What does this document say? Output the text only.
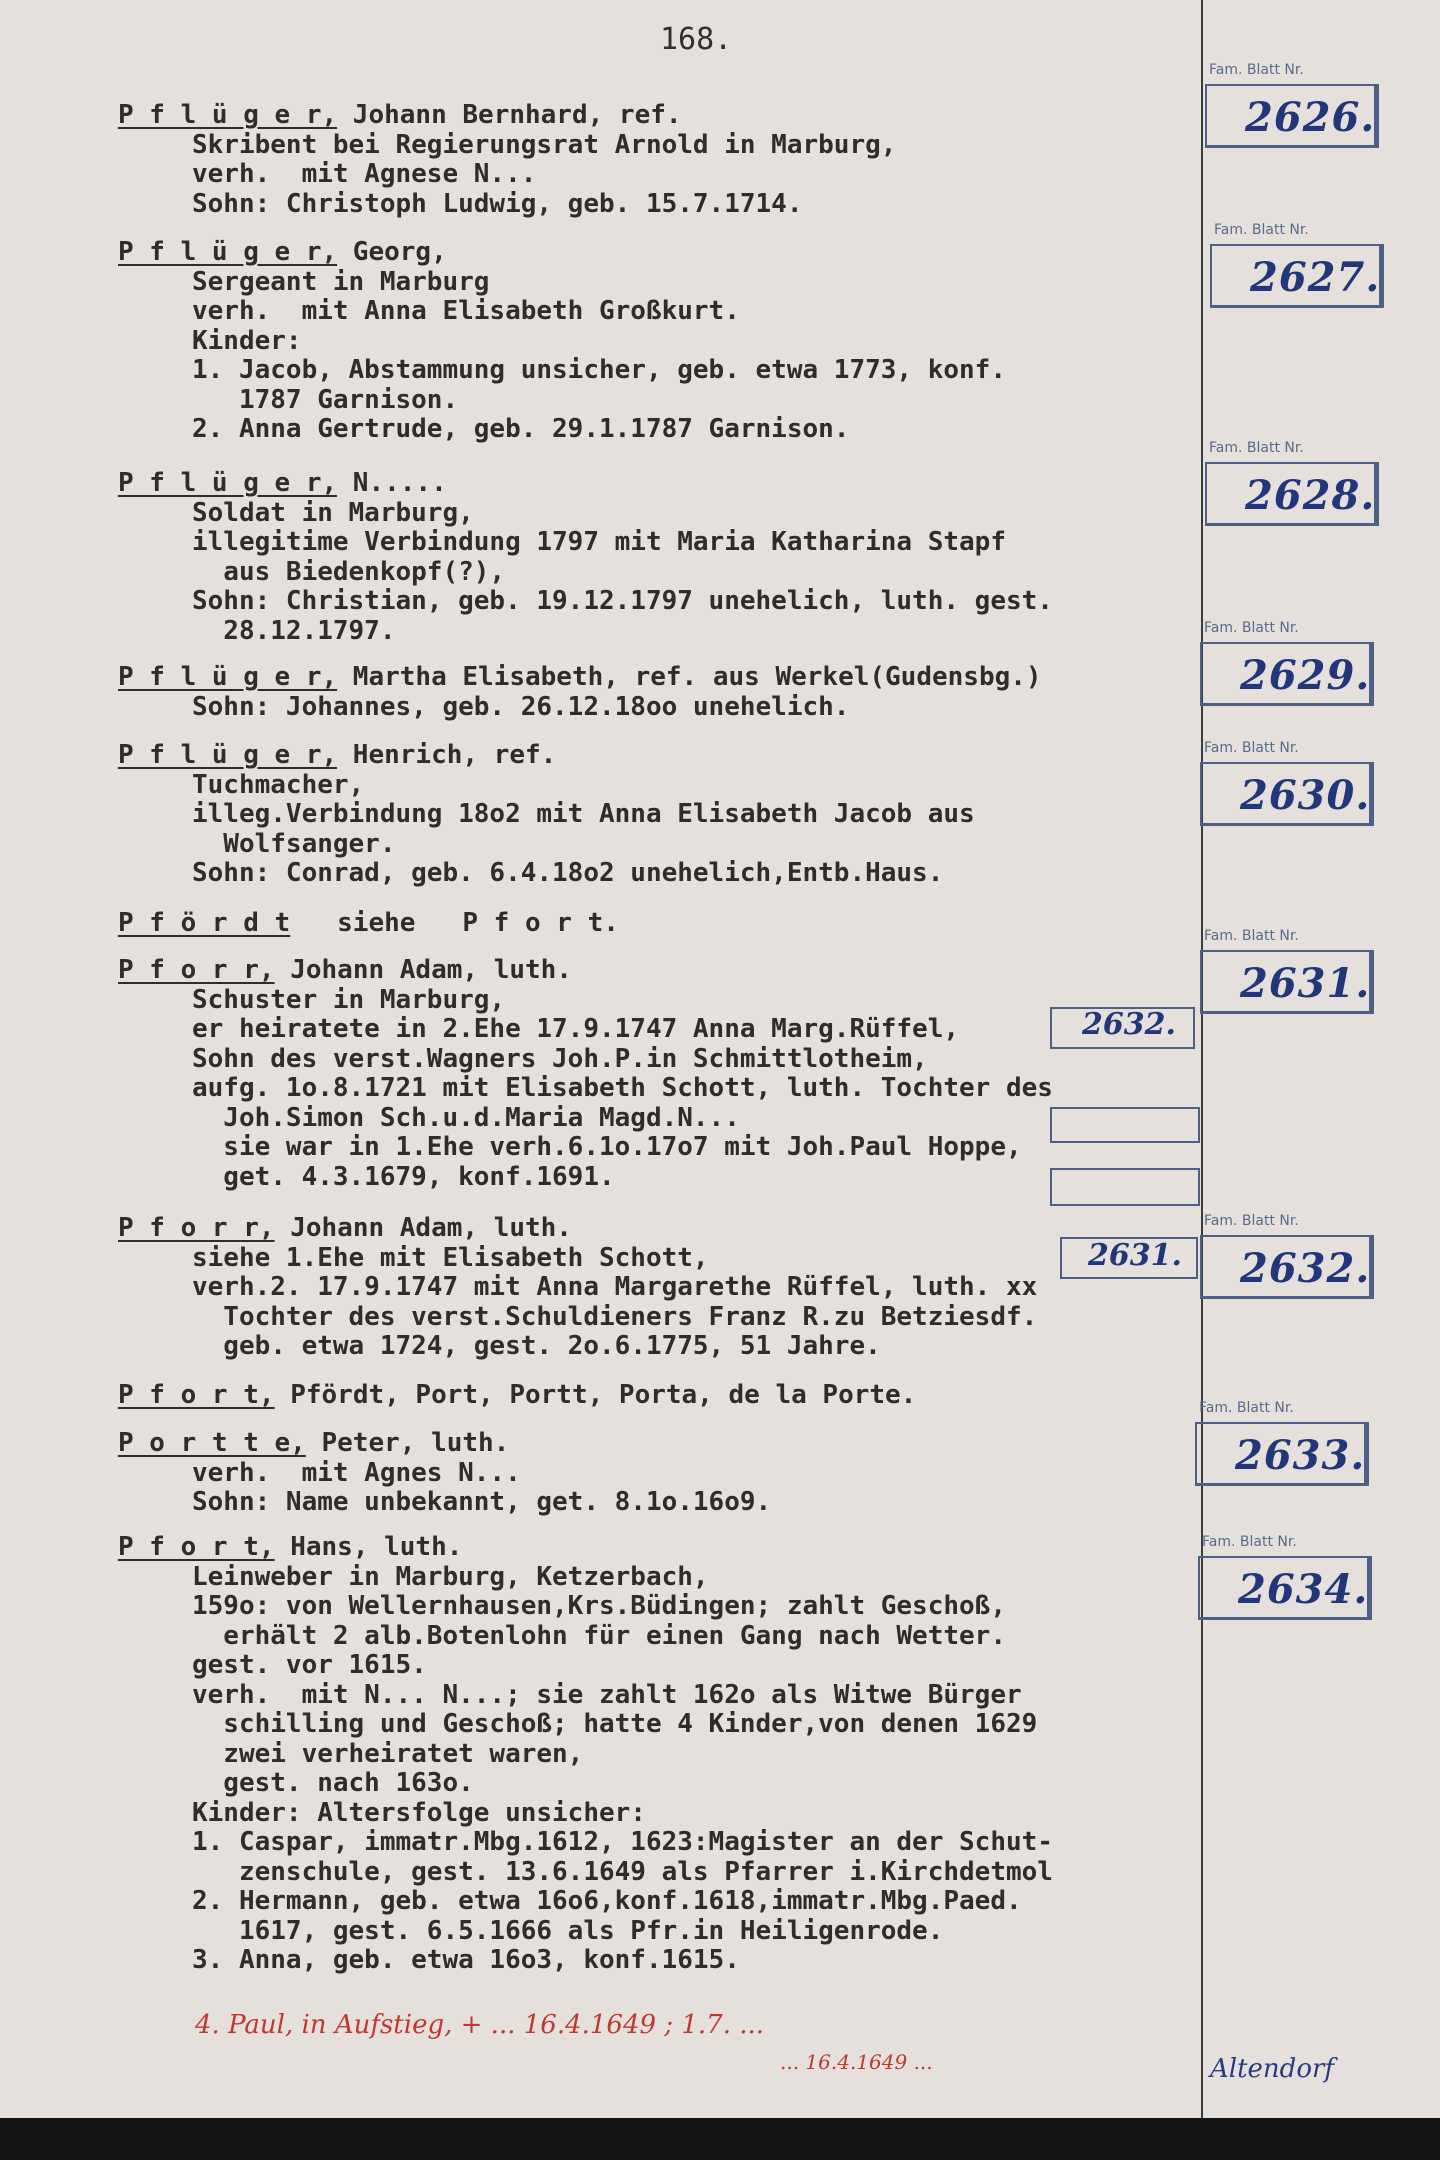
168.
P f l ü g e r, Johann Bernhard, ref.
Skribent bei Regierungsrat Arnold in Marburg,
verh.  mit Agnese N...
Sohn: Christoph Ludwig, geb. 15.7.1714.
P f l ü g e r, Georg,
Sergeant in Marburg
verh.  mit Anna Elisabeth Großkurt.
Kinder:
1. Jacob, Abstammung unsicher, geb. etwa 1773, konf.
1787 Garnison.
2. Anna Gertrude, geb. 29.1.1787 Garnison.
P f l ü g e r, N.....
Soldat in Marburg,
illegitime Verbindung 1797 mit Maria Katharina Stapf
aus Biedenkopf(?),
Sohn: Christian, geb. 19.12.1797 unehelich, luth. gest.
28.12.1797.
P f l ü g e r, Martha Elisabeth, ref. aus Werkel(Gudensbg.)
Sohn: Johannes, geb. 26.12.18oo unehelich.
P f l ü g e r, Henrich, ref.
Tuchmacher,
illeg.Verbindung 18o2 mit Anna Elisabeth Jacob aus
Wolfsanger.
Sohn: Conrad, geb. 6.4.18o2 unehelich,Entb.Haus.
P f ö r d t   siehe   P f o r t.
P f o r r, Johann Adam, luth.
Schuster in Marburg,
er heiratete in 2.Ehe 17.9.1747 Anna Marg.Rüffel,
Sohn des verst.Wagners Joh.P.in Schmittlotheim,
aufg. 1o.8.1721 mit Elisabeth Schott, luth. Tochter des
Joh.Simon Sch.u.d.Maria Magd.N...
sie war in 1.Ehe verh.6.1o.17o7 mit Joh.Paul Hoppe,
get. 4.3.1679, konf.1691.
P f o r r, Johann Adam, luth.
siehe 1.Ehe mit Elisabeth Schott,
verh.2. 17.9.1747 mit Anna Margarethe Rüffel, luth. xx
Tochter des verst.Schuldieners Franz R.zu Betziesdf.
geb. etwa 1724, gest. 2o.6.1775, 51 Jahre.
P f o r t, Pfördt, Port, Portt, Porta, de la Porte.
P o r t t e, Peter, luth.
verh.  mit Agnes N...
Sohn: Name unbekannt, get. 8.1o.16o9.
P f o r t, Hans, luth.
Leinweber in Marburg, Ketzerbach,
159o: von Wellernhausen,Krs.Büdingen; zahlt Geschoß,
erhält 2 alb.Botenlohn für einen Gang nach Wetter.
gest. vor 1615.
verh.  mit N... N...; sie zahlt 162o als Witwe Bürger
schilling und Geschoß; hatte 4 Kinder,von denen 1629
zwei verheiratet waren,
gest. nach 163o.
Kinder: Altersfolge unsicher:
1. Caspar, immatr.Mbg.1612, 1623:Magister an der Schut-
zenschule, gest. 13.6.1649 als Pfarrer i.Kirchdetmol
2. Hermann, geb. etwa 16o6,konf.1618,immatr.Mbg.Paed.
1617, gest. 6.5.1666 als Pfr.in Heiligenrode.
3. Anna, geb. etwa 16o3, konf.1615.
Fam. Blatt Nr.
2626.
Fam. Blatt Nr.
2627.
Fam. Blatt Nr.
2628.
Fam. Blatt Nr.
2629.
Fam. Blatt Nr.
2630.
Fam. Blatt Nr.
2631.
Fam. Blatt Nr.
2632.
Fam. Blatt Nr.
2633.
Fam. Blatt Nr.
2634.
2632.
2631.
4. Paul, in Aufstieg, + ... 16.4.1649 ; 1.7. ...
... 16.4.1649 ...	Altendorf
